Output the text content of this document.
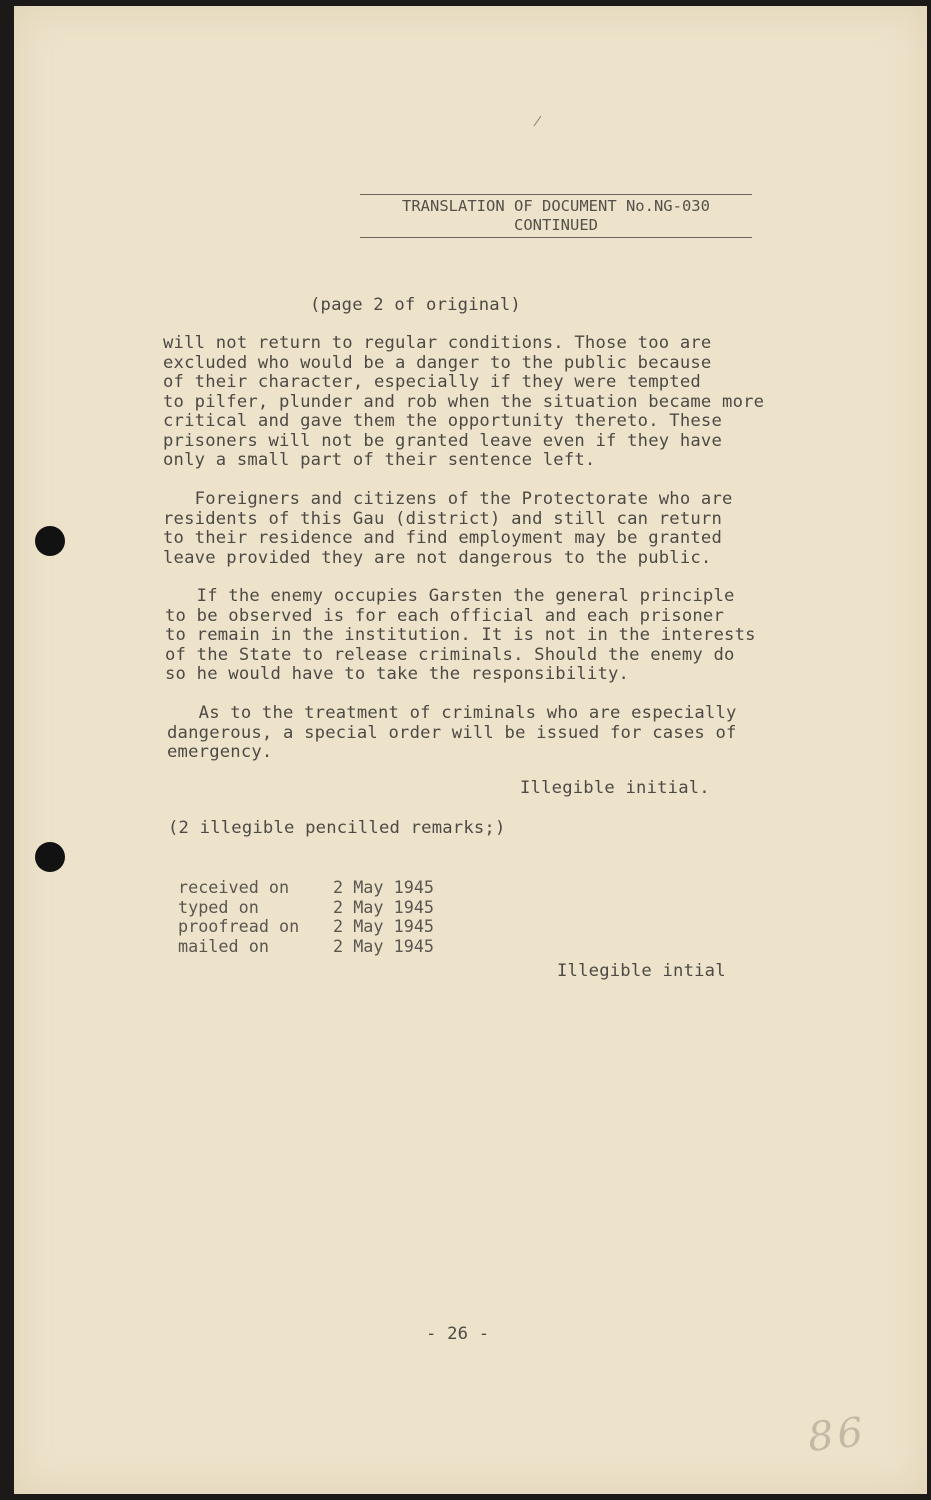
TRANSLATION OF DOCUMENT No.NG-030
CONTINUED
(page 2 of original)
will not return to regular conditions. Those too are
excluded who would be a danger to the public because
of their character, especially if they were tempted
to pilfer, plunder and rob when the situation became more
critical and gave them the opportunity thereto. These
prisoners will not be granted leave even if they have
only a small part of their sentence left.
Foreigners and citizens of the Protectorate who are
residents of this Gau (district) and still can return
to their residence and find employment may be granted
leave provided they are not dangerous to the public.
If the enemy occupies Garsten the general principle
to be observed is for each official and each prisoner
to remain in the institution. It is not in the interests
of the State to release criminals. Should the enemy do
so he would have to take the responsibility.
As to the treatment of criminals who are especially
dangerous, a special order will be issued for cases of
emergency.
Illegible initial.
(2 illegible pencilled remarks;)
received on	2 May 1945
typed on	2 May 1945
proofread on	2 May 1945
mailed on	2 May 1945
Illegible intial
- 26 -
86
